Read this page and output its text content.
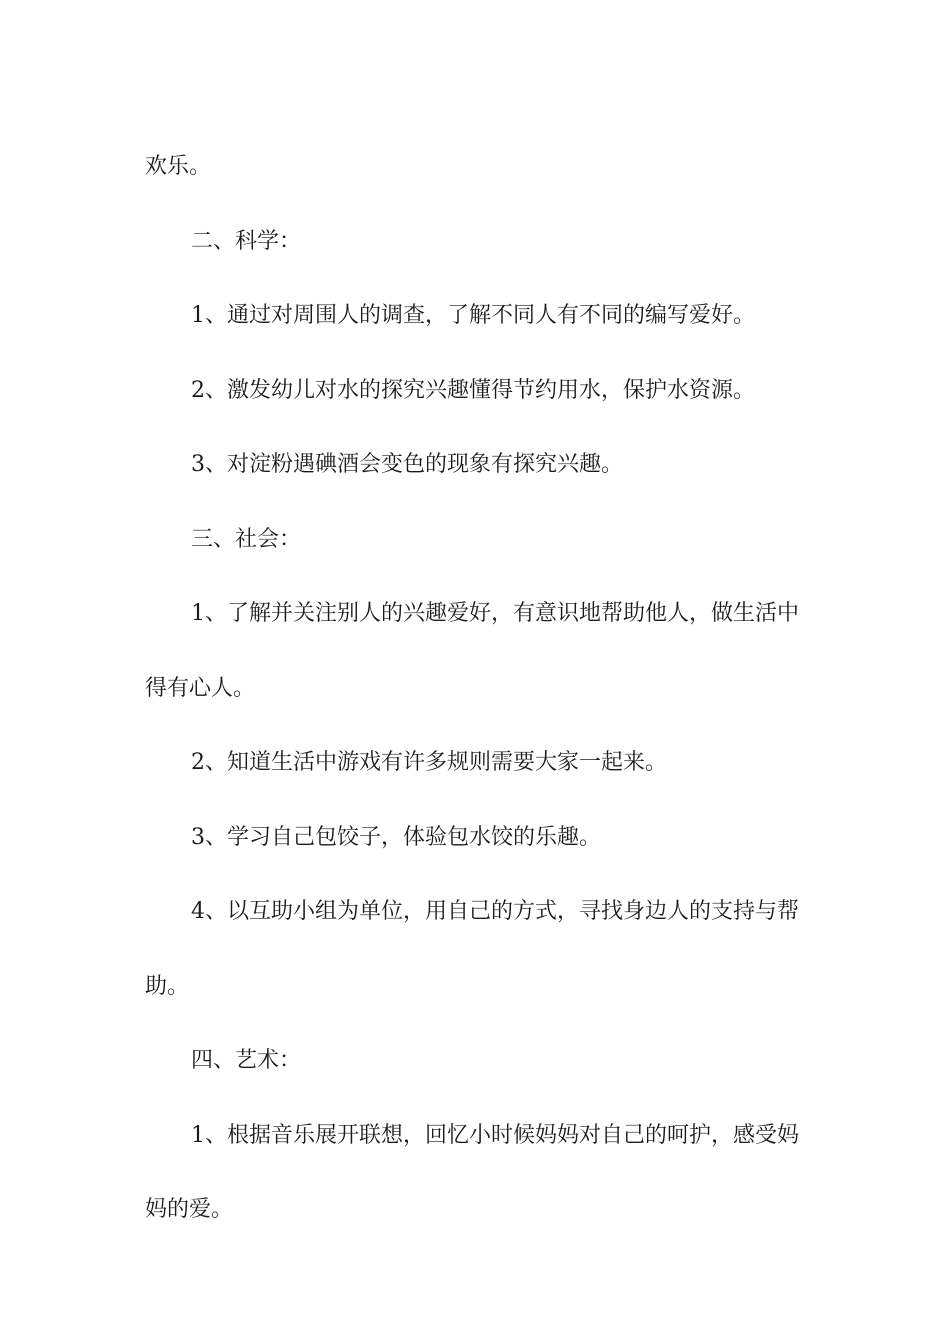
欢乐。

二、科学：

1、通过对周围人的调查，了解不同人有不同的编写爱好。

2、激发幼儿对水的探究兴趣懂得节约用水，保护水资源。

3、对淀粉遇碘酒会变色的现象有探究兴趣。

三、社会：

1、了解并关注别人的兴趣爱好，有意识地帮助他人，做生活中得有心人。

2、知道生活中游戏有许多规则需要大家一起来。

3、学习自己包饺子，体验包水饺的乐趣。

4、以互助小组为单位，用自己的方式，寻找身边人的支持与帮助。

四、艺术：

1、根据音乐展开联想，回忆小时候妈妈对自己的呵护，感受妈妈的爱。
